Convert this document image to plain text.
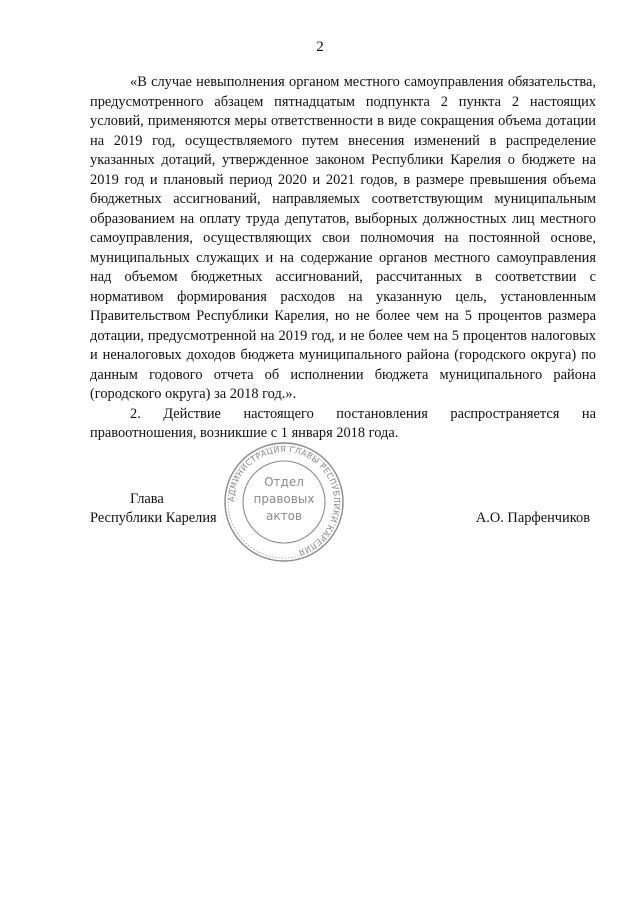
2

«В случае невыполнения органом местного самоуправления обязательства, предусмотренного абзацем пятнадцатым подпункта 2 пункта 2 настоящих условий, применяются меры ответственности в виде сокращения объема дотации на 2019 год, осуществляемого путем внесения изменений в распределение указанных дотаций, утвержденное законом Республики Карелия о бюджете на 2019 год и плановый период 2020 и 2021 годов, в размере превышения объема бюджетных ассигнований, направляемых соответствующим муниципальным образованием на оплату труда депутатов, выборных должностных лиц местного самоуправления, осуществляющих свои полномочия на постоянной основе, муниципальных служащих и на содержание органов местного самоуправления над объемом бюджетных ассигнований, рассчитанных в соответствии с нормативом формирования расходов на указанную цель, установленным Правительством Республики Карелия, но не более чем на 5 процентов размера дотации, предусмотренной на 2019 год, и не более чем на 5 процентов налоговых и неналоговых доходов бюджета муниципального района (городского округа) по данным годового отчета об исполнении бюджета муниципального района (городского округа) за 2018 год.».

2. Действие настоящего постановления распространяется на правоотношения, возникшие с 1 января 2018 года.

АДМИНИСТРАЦИЯ ГЛАВЫ РЕСПУБЛИКИ КАРЕЛИЯ
Отдел
правовых
актов
Глава
Республики Карелия	А.О. Парфенчиков
